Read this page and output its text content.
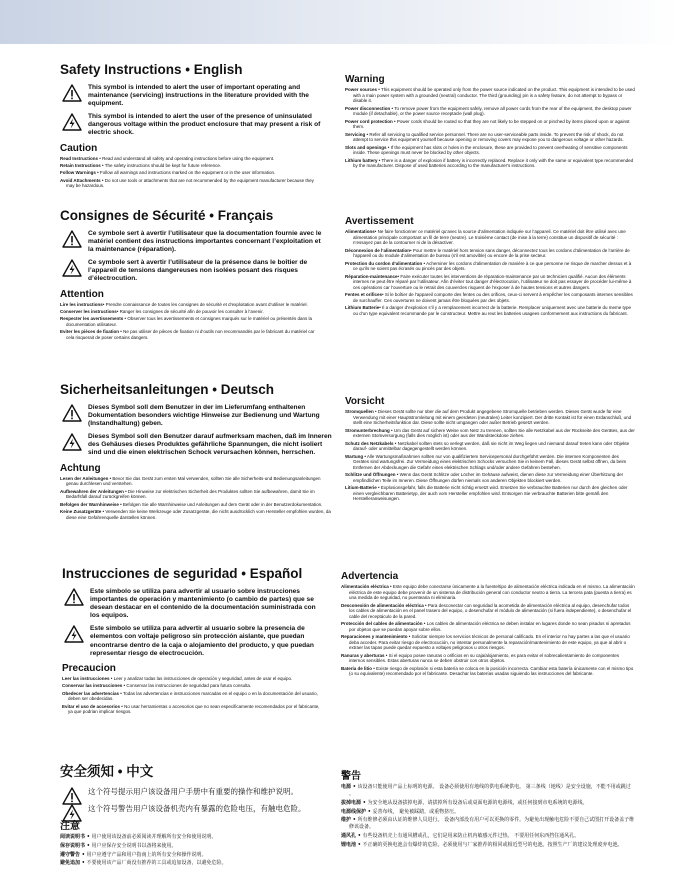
Safety Instructions • English
This symbol is intended to alert the user of important operating and maintenance (servicing) instructions in the literature provided with the equipment.
This symbol is intended to alert the user of the presence of uninsulated dangerous voltage within the product enclosure that may present a risk of electric shock.
Caution
Read Instructions • Read and understand all safety and operating instructions before using the equipment.
Retain Instructions • The safety instructions should be kept for future reference.
Follow Warnings • Follow all warnings and instructions marked on the equipment or in the user information.
Avoid Attachments • Do not use tools or attachments that are not recommended by the equipment manufacturer because they may be hazardous.
Warning
Power sources • This equipment should be operated only from the power source indicated on the product. This equipment is intended to be used with a main power system with a grounded (neutral) conductor. The third (grounding) pin is a safety feature, do not attempt to bypass or disable it.
Power disconnection • To remove power from the equipment safely, remove all power cords from the rear of the equipment, the desktop power module (if detachable), or the power source receptacle (wall plug).
Power cord protection • Power cords should be routed so that they are not likely to be stepped on or pinched by items placed upon or against them.
Servicing • Refer all servicing to qualified service personnel. There are no user-serviceable parts inside. To prevent the risk of shock, do not attempt to service this equipment yourself because opening or removing covers may expose you to dangerous voltage or other hazards.
Slots and openings • If the equipment has slots or holes in the enclosure, these are provided to prevent overheating of sensitive components inside. These openings must never be blocked by other objects.
Lithium battery • There is a danger of explosion if battery is incorrectly replaced. Replace it only with the same or equivalent type recommended by the manufacturer. Dispose of used batteries according to the manufacturer's instructions.
Consignes de Sécurité • Français
Ce symbole sert à avertir l’utilisateur que la documentation fournie avec le matériel contient des instructions importantes concernant l’exploitation et la maintenance (réparation).
Ce symbole sert à avertir l’utilisateur de la présence dans le boîtier de l’appareil de tensions dangereuses non isolées posant des risques d’électrocution.
Attention
Lire les instructions• Prendre connaissance de toutes les consignes de sécurité et d’exploitation avant d’utiliser le matériel.
Conserver les instructions• Ranger les consignes de sécurité afin de pouvoir les consulter à l’avenir.
Respecter les avertissements • Observer tous les avertissements et consignes marqués sur le matériel ou présentés dans la documentation utilisateur.
Eviter les pièces de fixation • Ne pas utiliser de pièces de fixation ni d’outils non recommandés par le fabricant du matériel car cela risquerait de poser certains dangers.
Avertissement
Alimentations• Ne faire fonctionner ce matériel qu’avec la source d’alimentation indiquée sur l’appareil. Ce matériel doit être utilisé avec une alimentation principale comportant un fil de terre (neutre). Le troisième contact (de mise à la terre) constitue un dispositif de sécurité : n’essayez pas de la contourner ni de la désactiver.
Déconnexion de l’alimentation• Pour mettre le matériel hors tension sans danger, déconnectez tous les cordons d’alimentation de l’arrière de l’appareil ou du module d’alimentation de bureau (s’il est amovible) ou encore de la prise secteur.
Protection du cordon d’alimentation • Acheminer les cordons d’alimentation de manière à ce que personne ne risque de marcher dessus et à ce qu’ils ne soient pas écrasés ou pincés par des objets.
Réparation-maintenance• Faire exécuter toutes les interventions de réparation-maintenance par un technicien qualifié. Aucun des éléments internes ne peut être réparé par l’utilisateur. Afin d’éviter tout danger d’électrocution, l’utilisateur ne doit pas essayer de procéder lui-même à ces opérations car l’ouverture ou le retrait des couvercles risquent de l’exposer à de hautes tensions et autres dangers.
Fentes et orifices• Si le boîtier de l’appareil comporte des fentes ou des orifices, ceux-ci servent à empêcher les composants internes sensibles de surchauffer. Ces ouvertures ne doivent jamais être bloquées par des objets.
Lithium Batterie• Il a danger d’explosion s’il y a remplacement incorrect de la batterie. Remplacer uniquement avec une batterie du meme type ou d’un type equivalent recommande par le constructeur. Mettre au reut les batteries usagees conformement aux instructions du fabricant.
Sicherheitsanleitungen • Deutsch
Dieses Symbol soll dem Benutzer in der im Lieferumfang enthaltenen Dokumentation besonders wichtige Hinweise zur Bedienung und Wartung (Instandhaltung) geben.
Dieses Symbol soll den Benutzer darauf aufmerksam machen, daß im Inneren des Gehäuses dieses Produktes gefährliche Spannungen, die nicht isoliert sind und die einen elektrischen Schock verursachen können, herrschen.
Achtung
Lesen der Anleitungen • Bevor Sie das Gerät zum ersten Mal verwenden, sollten Sie alle Sicherheits-und Bedienungsanleitungen genau durchlesen und verstehen.
Aufbewahren der Anleitungen • Die Hinweise zur elektrischen Sicherheit des Produktes sollten Sie aufbewahren, damit Sie im Bedarfsfall darauf zurückgreifen können.
Befolgen der Warnhinweise • Befolgen Sie alle Warnhinweise und Anleitungen auf dem Gerät oder in der Benutzerdokumentation.
Keine Zusatzgeräte • Verwenden Sie keine Werkzeuge oder Zusatzgeräte, die nicht ausdrücklich vom Hersteller empfohlen wurden, da diese eine Gefahrenquelle darstellen können.
Vorsicht
Stromquellen • Dieses Gerät sollte nur über die auf dem Produkt angegebene Stromquelle betrieben werden. Dieses Gerät wurde für eine Verwendung mit einer Hauptstromleitung mit einem geerdeten (neutralen) Leiter konzipiert. Der dritte Kontakt ist für einen Erdanschluß, und stellt eine Sicherheitsfunktion dar. Diese sollte nicht umgangen oder außer Betrieb gesetzt werden.
Stromunterbrechung • Um das Gerät auf sichere Weise vom Netz zu trennen, sollten Sie alle Netzkabel aus der Rückseite des Gerätes, aus der externen Stomversorgung (falls dies möglich ist) oder aus der Wandsteckdose ziehen.
Schutz des Netzkabels • Netzkabel sollten stets so verlegt werden, daß sie nicht im Weg liegen und niemand darauf treten kann oder Objekte darauf- oder unmittelbar dagegengestellt werden können.
Wartung • Alle Wartungsmaßnahmen sollten nur von qualifiziertem Servicepersonal durchgeführt werden. Die internen Komponenten des Gerätes sind wartungsfrei. Zur Vermeidung eines elektrischen Schocks versuchen Sie in keinem Fall, dieses Gerät selbst öffnen, da beim Entfernen der Abdeckungen die Gefahr eines elektrischen Schlags und/oder andere Gefahren bestehen.
Schlitze und Öffnungen • Wenn das Gerät Schlitze oder Löcher im Gehäuse aufweist, dienen diese zur Vermeidung einer Überhitzung der empfindlichen Teile im Inneren. Diese Öffnungen dürfen niemals von anderen Objekten blockiert werden.
Litium-Batterie • Explosionsgefahr, falls die Batterie nicht richtig ersetzt wird. Ersetzen Sie verbrauchte Batterien nur durch den gleichen oder einen vergleichbaren Batterietyp, der auch vom Hersteller empfohlen wird. Entsorgen Sie verbrauchte Batterien bitte gemäß den Herstelleranweisungen.
Instrucciones de seguridad • Español
Este símbolo se utiliza para advertir al usuario sobre instrucciones importantes de operación y mantenimiento (o cambio de partes) que se desean destacar en el contenido de la documentación suministrada con los equipos.
Este símbolo se utiliza para advertir al usuario sobre la presencia de elementos con voltaje peligroso sin protección aislante, que puedan encontrarse dentro de la caja o alojamiento del producto, y que puedan representar riesgo de electrocución.
Precaucion
Leer las instrucciones • Leer y analizar todas las instrucciones de operación y seguridad, antes de usar el equipo.
Conservar las instrucciones • Conservar las instrucciones de seguridad para futura consulta.
Obedecer las advertencias • Todas las advertencias e instrucciones marcadas en el equipo o en la documentación del usuario, deben ser obedecidas.
Evitar el uso de accesorios • No usar herramientas o accesorios que no sean especificamente recomendados por el fabricante, ya que podrian implicar riesgos.
Advertencia
Alimentación eléctrica • Este equipo debe conectarse únicamente a la fuente/tipo de alimentación eléctrica indicada en el mismo. La alimentación eléctrica de este equipo debe provenir de un sistema de distribución general con conductor neutro a tierra. La tercera pata (puesta a tierra) es una medida de seguridad, no puentearia ni eliminaria.
Desconexión de alimentación eléctrica • Para desconectar con seguridad la acometida de alimentación eléctrica al equipo, desenchufar todos los cables de alimentación en el panel trasero del equipo, o desenchufar el módulo de alimentación (si fuera independiente), o desenchufar el cable del receptáculo de la pared.
Protección del cables de alimentación • Los cables de alimentación eléctrica se deben instalar en lugares donde no sean pisados ni apretados por objetos que se puedan apoyar sobre ellos.
Reparaciones y mantenimiento • Solicitar siempre los servicios técnicos de personal calificado. En el interior no hay partes a las que el usuario deba acceder. Para evitar riesgo de electrocución, no intentar personalmente la reparación/mantenimiento de este equipo, ya que al abrir o extraer las tapas puede quedar expuesto a voltajes peligrosos u otros riesgos.
Ranuras y aberturas • Si el equipo posee ranuras o orificios en su caja/alojamiento, es para evitar el sobrecalientamiento de componentes internos sensibles. Estas aberturas nunca se deben obstruir con otros objetos.
Batería de litio • Existe riesgo de explosión si esta batería se coloca en la posición incorrecta. Cambiar esta batería únicamente con el mismo tipo (o su equivalente) recomendado por el fabricante. Desachar las baterías usadas siguiendo las instrucciones del fabricante.
安全须知 • 中文
这个符号提示用户该设备用户手册中有重要的操作和维护说明。
这个符号警告用户该设备机壳内有暴露的危险电压，有触电危险。
注意
阅读说明书 • 用户使用该设备前必须阅读并理解所有安全和使用说明。
保存说明书 • 用户应保存安全说明书以备将来使用。
遵守警告 • 用户应遵守产品和用户指南上的所有安全和操作说明。
避免追加 • 不要使用该产品厂商没有推荐的工具或追加设备，以避免危险。
警告
电源 • 该设备只能使用产品上标明的电源。 设备必须使用有地线的供电系统供电。 第三条线（地线）是安全设施，不能不用或跳过 。
拔掉电源 • 为安全地从设备拔掉电源，请拔掉所有设备后或桌面电源的电源线，或任何接到市电系统的电源线。
电源线保护 • 妥善布线， 避免被踩踏，或重物挤压。
维护 • 所有维修必须由认证的维修人员进行。 设备内部没有用户可以更换的零件。为避免出现触电危险不要自己试图打开设备盖子维修该设备。
通风孔 • 有些设备机壳上有通风槽或孔，它们是用来防止机内敏感元件过热。 不要用任何东西挡住通风孔。
锂电池 • 不正确的更换电池会有爆炸的危险。必须使用与厂家推荐的相同或相近型号的电池。按照生产厂的建议处理废弃电池。
